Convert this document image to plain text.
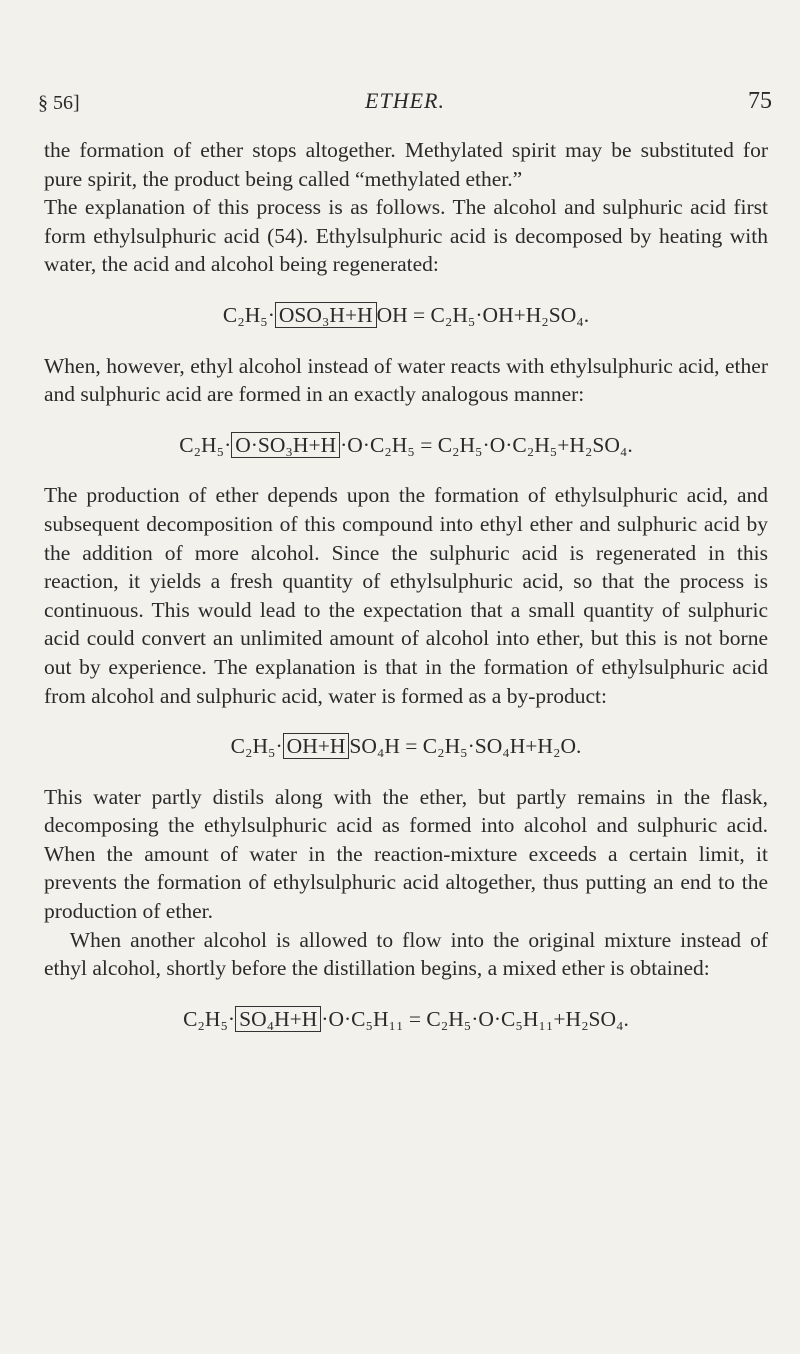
§ 56]	ETHER.	75

the formation of ether stops altogether. Methylated spirit may be substituted for pure spirit, the product being called “methylated ether.”

The explanation of this process is as follows. The alcohol and sulphuric acid first form ethylsulphuric acid (54). Ethylsulphuric acid is decomposed by heating with water, the acid and alcohol being regenerated:

C₂H₅· OSO₃H+H OH = C₂H₅·OH+H₂SO₄.

When, however, ethyl alcohol instead of water reacts with ethylsulphuric acid, ether and sulphuric acid are formed in an exactly analogous manner:

C₂H₅· O·SO₃H+H ·O·C₂H₅ = C₂H₅·O·C₂H₅+H₂SO₄.

The production of ether depends upon the formation of ethylsulphuric acid, and subsequent decomposition of this compound into ethyl ether and sulphuric acid by the addition of more alcohol. Since the sulphuric acid is regenerated in this reaction, it yields a fresh quantity of ethylsulphuric acid, so that the process is continuous. This would lead to the expectation that a small quantity of sulphuric acid could convert an unlimited amount of alcohol into ether, but this is not borne out by experience. The explanation is that in the formation of ethylsulphuric acid from alcohol and sulphuric acid, water is formed as a by-product:

C₂H₅· OH+H SO₄H = C₂H₅·SO₄H+H₂O.

This water partly distils along with the ether, but partly remains in the flask, decomposing the ethylsulphuric acid as formed into alcohol and sulphuric acid. When the amount of water in the reaction-mixture exceeds a certain limit, it prevents the formation of ethylsulphuric acid altogether, thus putting an end to the production of ether.

When another alcohol is allowed to flow into the original mixture instead of ethyl alcohol, shortly before the distillation begins, a mixed ether is obtained:

C₂H₅· SO₄H+H ·O·C₅H₁₁ = C₂H₅·O·C₅H₁₁+H₂SO₄.
